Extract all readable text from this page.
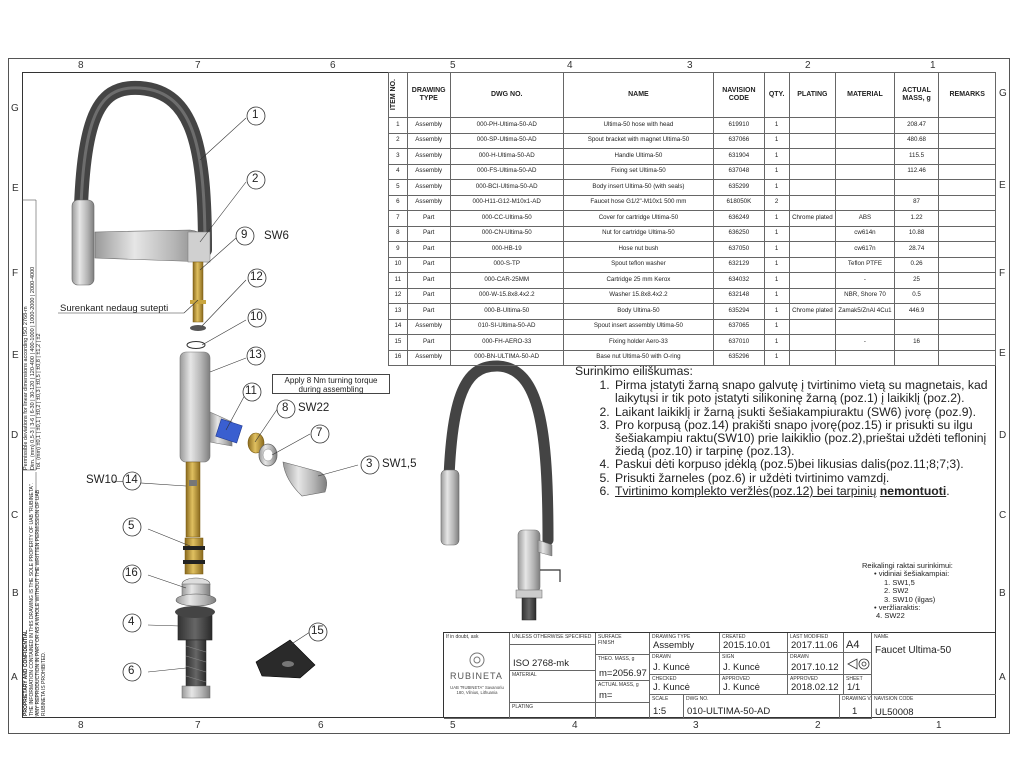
8	7	6	5	4	3	2	1
8	7	6	5	4	3	2	1
G
E
F
E
D
C
B
A
G
E
F
E
D
C
B
A
Permissible deviations for linear dimensions according ISO 2768-m Dim. (mm) 0,5-3 | 3-6 | 6-30 | 30-120 | 120-400 | 400-1000 | 1000-2000 | 2000-4000 Tol. (mm) ±0,1 | ±0,1 | ±0,2 | ±0,3 | ±0,5 | ±0,8 | ±1,2 | ±2
PROPRIETARY AND CONFIDENTIAL THE INFORMATION CONTAINED IN THIS DRAWING IS THE SOLE PROPERTY OF UAB "RUBINETA". ANY REPRODUCTION IN PART OR AS A WHOLE WITHOUT THE WRITTEN PERMISSION OF UAB RUBINETA IS PROHIBITED.
1
2
9 SW6
12
10
13
11
8 SW22
7
3 SW1,5
SW10 14
5
16
4
6
15
Surenkant nedaug sutepti
Apply 8 Nm turning torque
during assembling
ITEM NO.	DRAWING TYPE	DWG NO.	NAME	NAVISION CODE	QTY.	PLATING	MATERIAL	ACTUAL MASS, g	REMARKS
1	Assembly	000-PH-Ultima-50-AD	Ultima-50 hose with head	619910	1			208.47	
2	Assembly	000-SP-Ultima-50-AD	Spout bracket with magnet Ultima-50	637066	1			480.68	
3	Assembly	000-H-Ultima-50-AD	Handle Ultima-50	631904	1			115.5	
4	Assembly	000-FS-Ultima-50-AD	Fixing set Ultima-50	637048	1			112.46	
5	Assembly	000-BCI-Ultima-50-AD	Body insert Ultima-50 (with seals)	635299	1				
6	Assembly	000-H11-G12-M10x1-AD	Faucet hose G1/2"-M10x1 500 mm	618050K	2			87	
7	Part	000-CC-Ultima-50	Cover for cartridge Ultima-50	636249	1	Chrome plated	ABS	1.22	
8	Part	000-CN-Ultima-50	Nut for cartridge Ultima-50	636250	1		cw614n	10.88	
9	Part	000-HB-19	Hose nut bush	637050	1		cw617n	28.74	
10	Part	000-S-TP	Spout teflon washer	632129	1		Teflon PTFE	0.26	
11	Part	000-CAR-25MM	Cartridge 25 mm Kerox	634032	1		-	25	
12	Part	000-W-15.8x8.4x2.2	Washer 15.8x8.4x2.2	632148	1		NBR, Shore 70	0.5	
13	Part	000-B-Ultima-50	Body Ultima-50	635294	1	Chrome plated	Zamak5/ZnAl 4Cu1	446.9	
14	Assembly	010-SI-Ultima-50-AD	Spout insert assembly Ultima-50	637065	1				
15	Part	000-FH-AERO-33	Fixing holder Aero-33	637010	1		-	16	
16	Assembly	000-BN-ULTIMA-50-AD	Base nut Ultima-50 with O-ring	635296	1				
Surinkimo eiliškumas:
1. Pirma įstatyti žarną snapo galvutę į tvirtinimo vietą su magnetais, kad laikytųsi ir tik poto įstatyti silikoninę žarną (poz.1) į laikiklį (poz.2).
2. Laikant laikiklį ir žarną įsukti šešiakampiuraktu (SW6) įvorę (poz.9).
3. Pro korpusą (poz.14) prakišti snapo įvorę(poz.15) ir prisukti su ilgu šešiakampiu raktu(SW10) prie laikiklio (poz.2),prieštai uždėti tefloninį žiedą (poz.10) ir tarpinę (poz.13).
4. Paskui dėti korpuso įdėklą (poz.5)bei likusias dalis(poz.11;8;7;3).
5. Prisukti žarneles (poz.6) ir uždėti tvirtinimo vamzdį.
6. Tvirtinimo komplekto veržlės(poz.12) bei tarpinių nemontuoti.
Reikalingi raktai surinkimui:
• vidiniai šešiakampiai:
1. SW1,5
2. SW2
3. SW10 (ilgas)
• veržliaraktis:
4. SW22
If in doubt, ask
RUBINETA
UAB "RUBINETA" Savanoriu 180, Vilnius, Lithuania
UNLESS OTHERWISE SPECIFIED
ISO 2768-mk
MATERIAL
PLATING
SURFACE FINISH
THEO. MASS, g
m=2056.97
ACTUAL MASS, g
m=
DRAWING TYPE
Assembly
DRAWN
J. Kuncė
CHECKED
J. Kuncė
SCALE
1:5
DWG NO.
010-ULTIMA-50-AD
CREATED
2015.10.01
SIGN
J. Kuncė
APPROVED
J. Kuncė
LAST MODIFIED
2017.11.06
DRAWN
2017.10.12
APPROVED
2018.02.12
A4
SHEET
1/1
DRAWING V.
1
NAME
Faucet Ultima-50
NAVISION CODE
UL50008
